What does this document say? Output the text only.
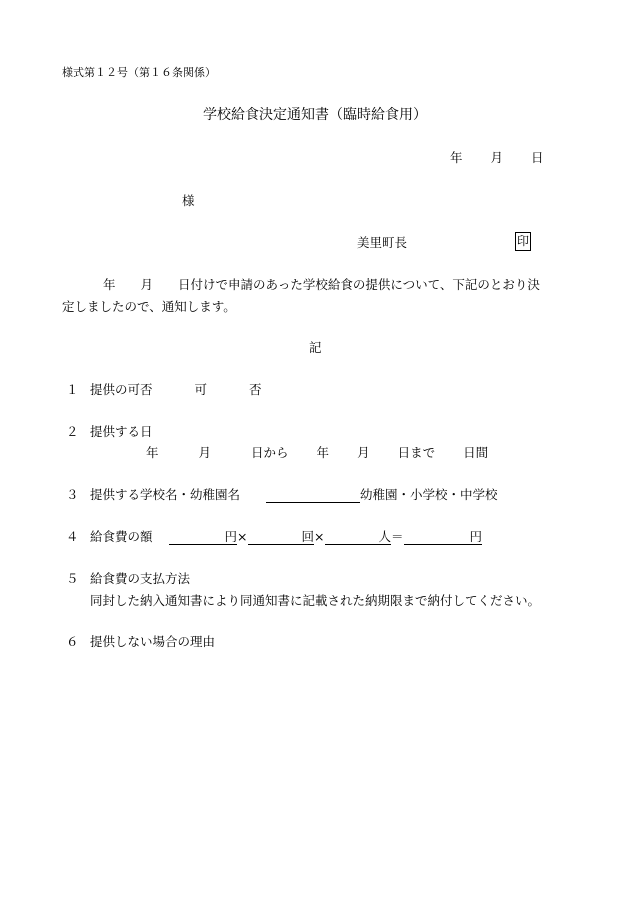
様式第１２号（第１６条関係）
学校給食決定通知書（臨時給食用）
年 月 日
様
美里町長	印
年　　月　　日付けで申請のあった学校給食の提供について、下記のとおり決
定しましたので、通知します。
記
１ 提供の可否	可	否
２ 提供する日
年	月	日から 年 月 日まで 日間
３ 提供する学校名・幼稚園名	幼稚園・小学校・中学校
４ 給食費の額	円×	回×	人＝	円
５ 給食費の支払方法
同封した納入通知書により同通知書に記載された納期限まで納付してください。
６ 提供しない場合の理由
